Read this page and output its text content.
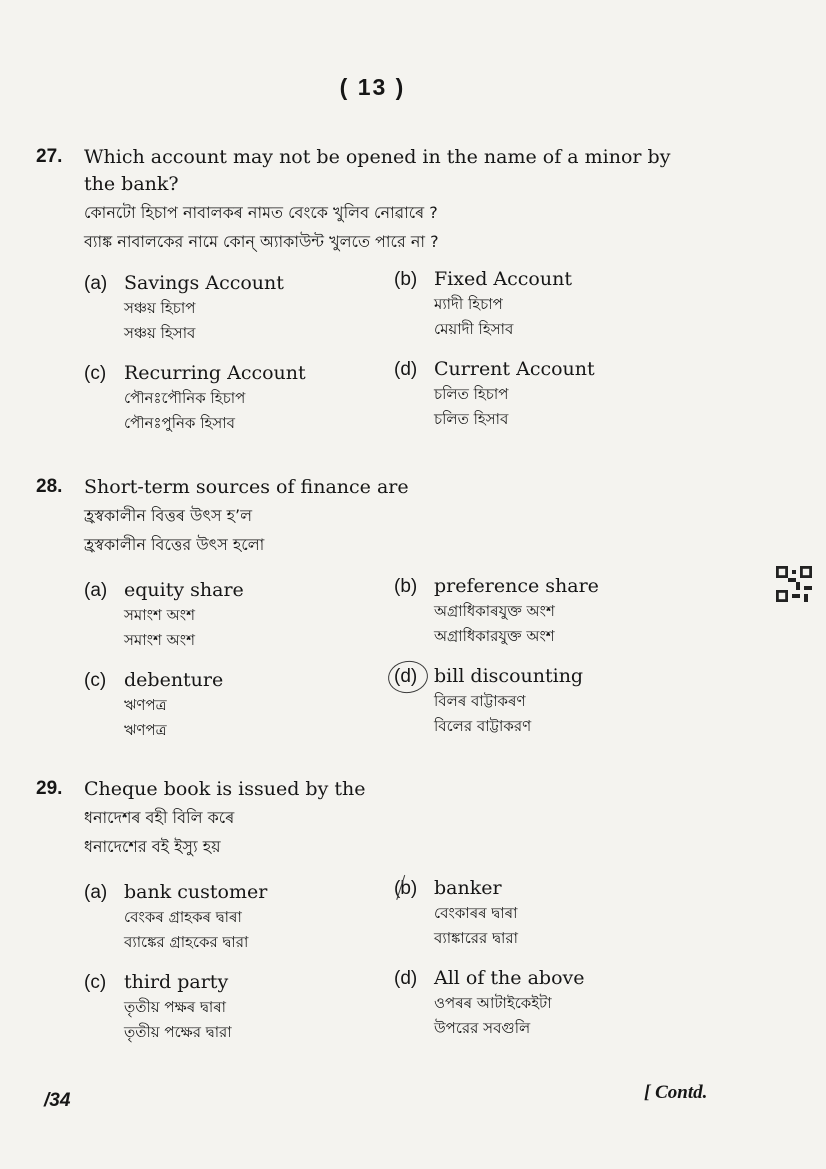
( 13 )
27.	Which account may not be opened in the name of a minor by the bank?
কোনটো হিচাপ নাবালকৰ নামত বেংকে খুলিব নোৱাৰে ?
ব্যাঙ্ক নাবালকের নামে কোন্ অ্যাকাউন্ট খুলতে পারে না ?
(a) Savings Account
সঞ্চয় হিচাপ
সঞ্চয় হিসাব
(b) Fixed Account
ম্যাদী হিচাপ
মেয়াদী হিসাব
(c) Recurring Account
পৌনঃপৌনিক হিচাপ
পৌনঃপুনিক হিসাব
(d) Current Account
চলিত হিচাপ
চলিত হিসাব
28.	Short-term sources of finance are
হ্ৰস্বকালীন বিত্তৰ উৎস হ’ল
হ্রস্বকালীন বিত্তের উৎস হলো
(a) equity share
সমাংশ অংশ
সমাংশ অংশ
(b) preference share
অগ্ৰাধিকাৰযুক্ত অংশ
অগ্রাধিকারযুক্ত অংশ
(c) debenture
ঋণপত্ৰ
ঋণপত্র
(d) bill discounting
বিলৰ বাট্টাকৰণ
বিলের বাট্টাকরণ
29.	Cheque book is issued by the
ধনাদেশৰ বহী বিলি কৰে
ধনাদেশের বই ইস্যু হয়
(a) bank customer
বেংকৰ গ্ৰাহকৰ দ্বাৰা
ব্যাঙ্কের গ্রাহকের দ্বারা
(b) banker
বেংকাৰৰ দ্বাৰা
ব্যাঙ্কারের দ্বারা
(c) third party
তৃতীয় পক্ষৰ দ্বাৰা
তৃতীয় পক্ষের দ্বারা
(d) All of the above
ওপৰৰ আটাইকেইটা
উপরের সবগুলি
/34	[ Contd.
